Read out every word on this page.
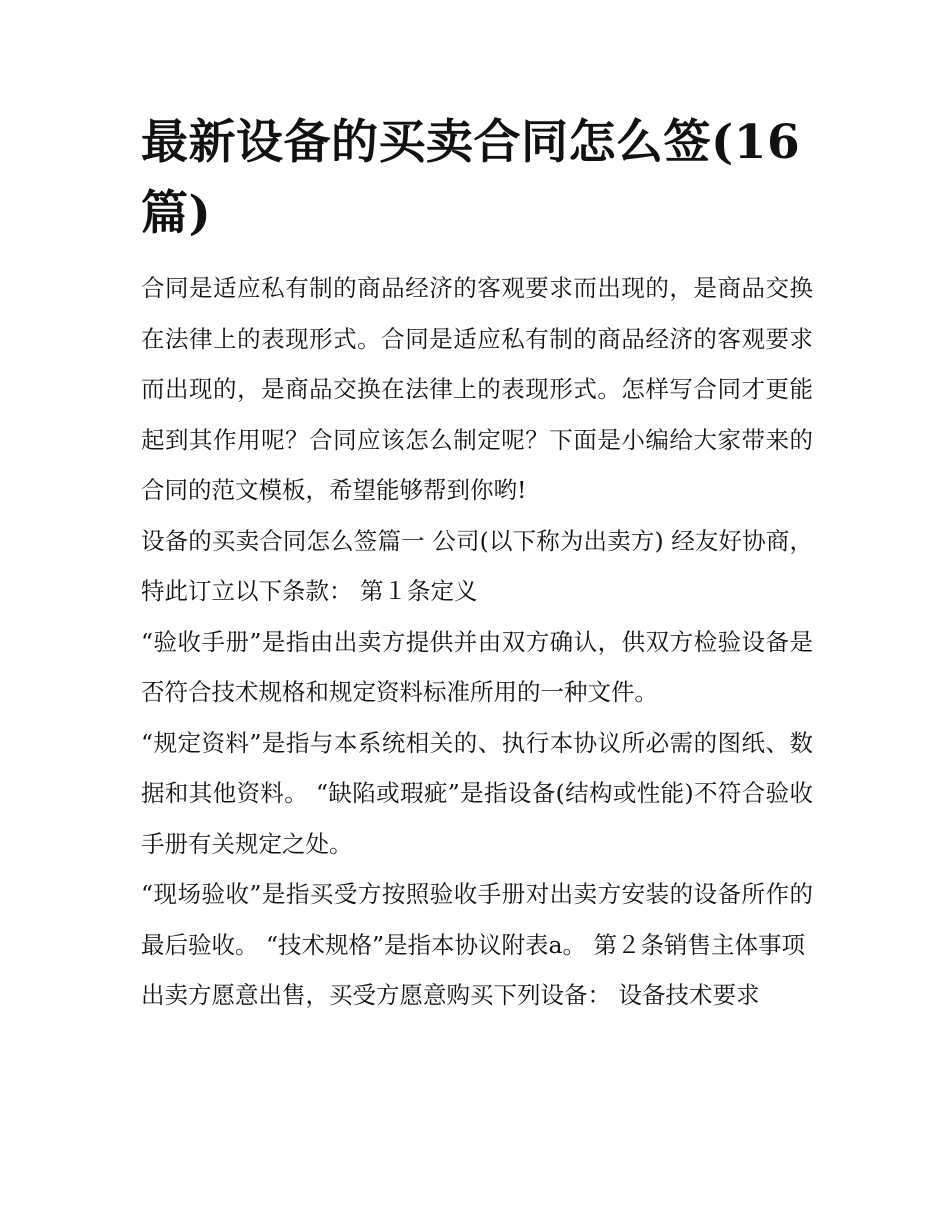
最新设备的买卖合同怎么签(16篇)

合同是适应私有制的商品经济的客观要求而出现的，是商品交换在法律上的表现形式。合同是适应私有制的商品经济的客观要求而出现的，是商品交换在法律上的表现形式。怎样写合同才更能起到其作用呢？合同应该怎么制定呢？下面是小编给大家带来的合同的范文模板，希望能够帮到你哟!

设备的买卖合同怎么签篇一 公司(以下称为出卖方) 经友好协商，特此订立以下条款： 第１条定义

“验收手册”是指由出卖方提供并由双方确认，供双方检验设备是否符合技术规格和规定资料标准所用的一种文件。

“规定资料”是指与本系统相关的、执行本协议所必需的图纸、数据和其他资料。 “缺陷或瑕疵”是指设备(结构或性能)不符合验收手册有关规定之处。

“现场验收”是指买受方按照验收手册对出卖方安装的设备所作的最后验收。 “技术规格”是指本协议附表a。 第２条销售主体事项

出卖方愿意出售，买受方愿意购买下列设备： 设备技术要求
